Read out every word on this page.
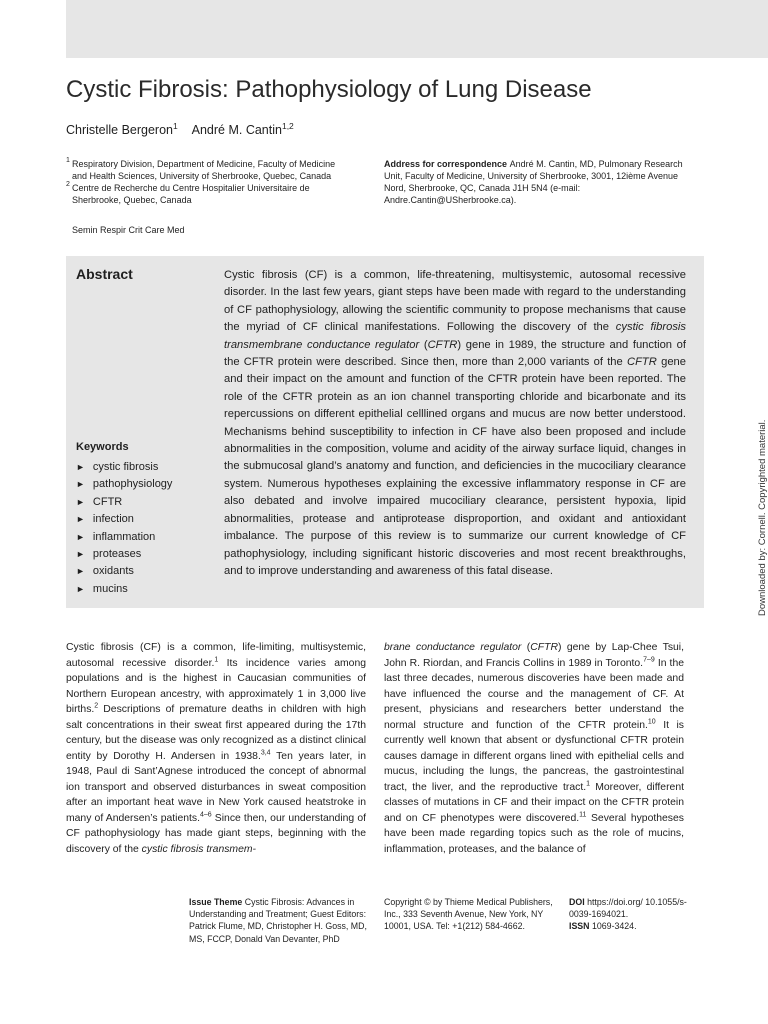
Cystic Fibrosis: Pathophysiology of Lung Disease
Christelle Bergeron$^1$ André M. Cantin$^{1,2}$
1 Respiratory Division, Department of Medicine, Faculty of Medicine
and Health Sciences, University of Sherbrooke, Quebec, Canada
2 Centre de Recherche du Centre Hospitalier Universitaire de
Sherbrooke, Quebec, Canada
Address for correspondence André M. Cantin, MD, Pulmonary Research Unit, Faculty of Medicine, University of Sherbrooke, 3001, 12ième Avenue Nord, Sherbrooke, QC, Canada J1H 5N4 (e-mail: Andre.Cantin@USherbrooke.ca).
Semin Respir Crit Care Med
Abstract
Keywords
► cystic fibrosis
► pathophysiology
► CFTR
► infection
► inflammation
► proteases
► oxidants
► mucins

Cystic fibrosis (CF) is a common, life-threatening, multisystemic, autosomal recessive disorder. In the last few years, giant steps have been made with regard to the understanding of CF pathophysiology, allowing the scientific community to propose mechanisms that cause the myriad of CF clinical manifestations. Following the discovery of the cystic fibrosis transmembrane conductance regulator (CFTR) gene in 1989, the structure and function of the CFTR protein were described. Since then, more than 2,000 variants of the CFTR gene and their impact on the amount and function of the CFTR protein have been reported. The role of the CFTR protein as an ion channel transporting chloride and bicarbonate and its repercussions on different epithelial celllined organs and mucus are now better understood. Mechanisms behind susceptibility to infection in CF have also been proposed and include abnormalities in the composition, volume and acidity of the airway surface liquid, changes in the submucosal gland’s anatomy and function, and deficiencies in the mucociliary clearance system. Numerous hypotheses explaining the excessive inflammatory response in CF are also debated and involve impaired mucociliary clearance, persistent hypoxia, lipid abnormalities, protease and antiprotease disproportion, and oxidant and antioxidant imbalance. The purpose of this review is to summarize our current knowledge of CF pathophysiology, including significant historic discoveries and most recent breakthroughs, and to improve understanding and awareness of this fatal disease.	Downloaded by: Cornell. Copyrighted material.

Cystic fibrosis (CF) is a common, life-limiting, multisystemic, autosomal recessive disorder.$^1$ Its incidence varies among populations and is the highest in Caucasian communities of Northern European ancestry, with approximately 1 in 3,000 live births.$^2$ Descriptions of premature deaths in children with high salt concentrations in their sweat first appeared during the 17th century, but the disease was only recognized as a distinct clinical entity by Dorothy H. Andersen in 1938.$^{3,4}$ Ten years later, in 1948, Paul di Sant’Agnese introduced the concept of abnormal ion transport and observed disturbances in sweat composition after an important heat wave in New York caused heatstroke in many of Andersen’s patients.$^{4-6}$ Since then, our understanding of CF pathophysiology has made giant steps, beginning with the discovery of the cystic fibrosis transmem-

brane conductance regulator (CFTR) gene by Lap-Chee Tsui, John R. Riordan, and Francis Collins in 1989 in Toronto.$^{7-9}$ In the last three decades, numerous discoveries have been made and have influenced the course and the management of CF. At present, physicians and researchers better understand the normal structure and function of the CFTR protein.$^{10}$ It is currently well known that absent or dysfunctional CFTR protein causes damage in different organs lined with epithelial cells and mucus, including the lungs, the pancreas, the gastrointestinal tract, the liver, and the reproductive tract.$^1$ Moreover, different classes of mutations in CF and their impact on the CFTR protein and on CF phenotypes were discovered.$^{11}$ Several hypotheses have been made regarding topics such as the role of mucins, inflammation, proteases, and the balance of

Issue Theme Cystic Fibrosis: Advances in Understanding and Treatment; Guest Editors: Patrick Flume, MD, Christopher H. Goss, MD, MS, FCCP, Donald Van Devanter, PhD
Copyright © by Thieme Medical Publishers, Inc., 333 Seventh Avenue, New York, NY 10001, USA. Tel: +1(212) 584-4662.
DOI https://doi.org/ 10.1055/s-0039-1694021.
ISSN 1069-3424.
